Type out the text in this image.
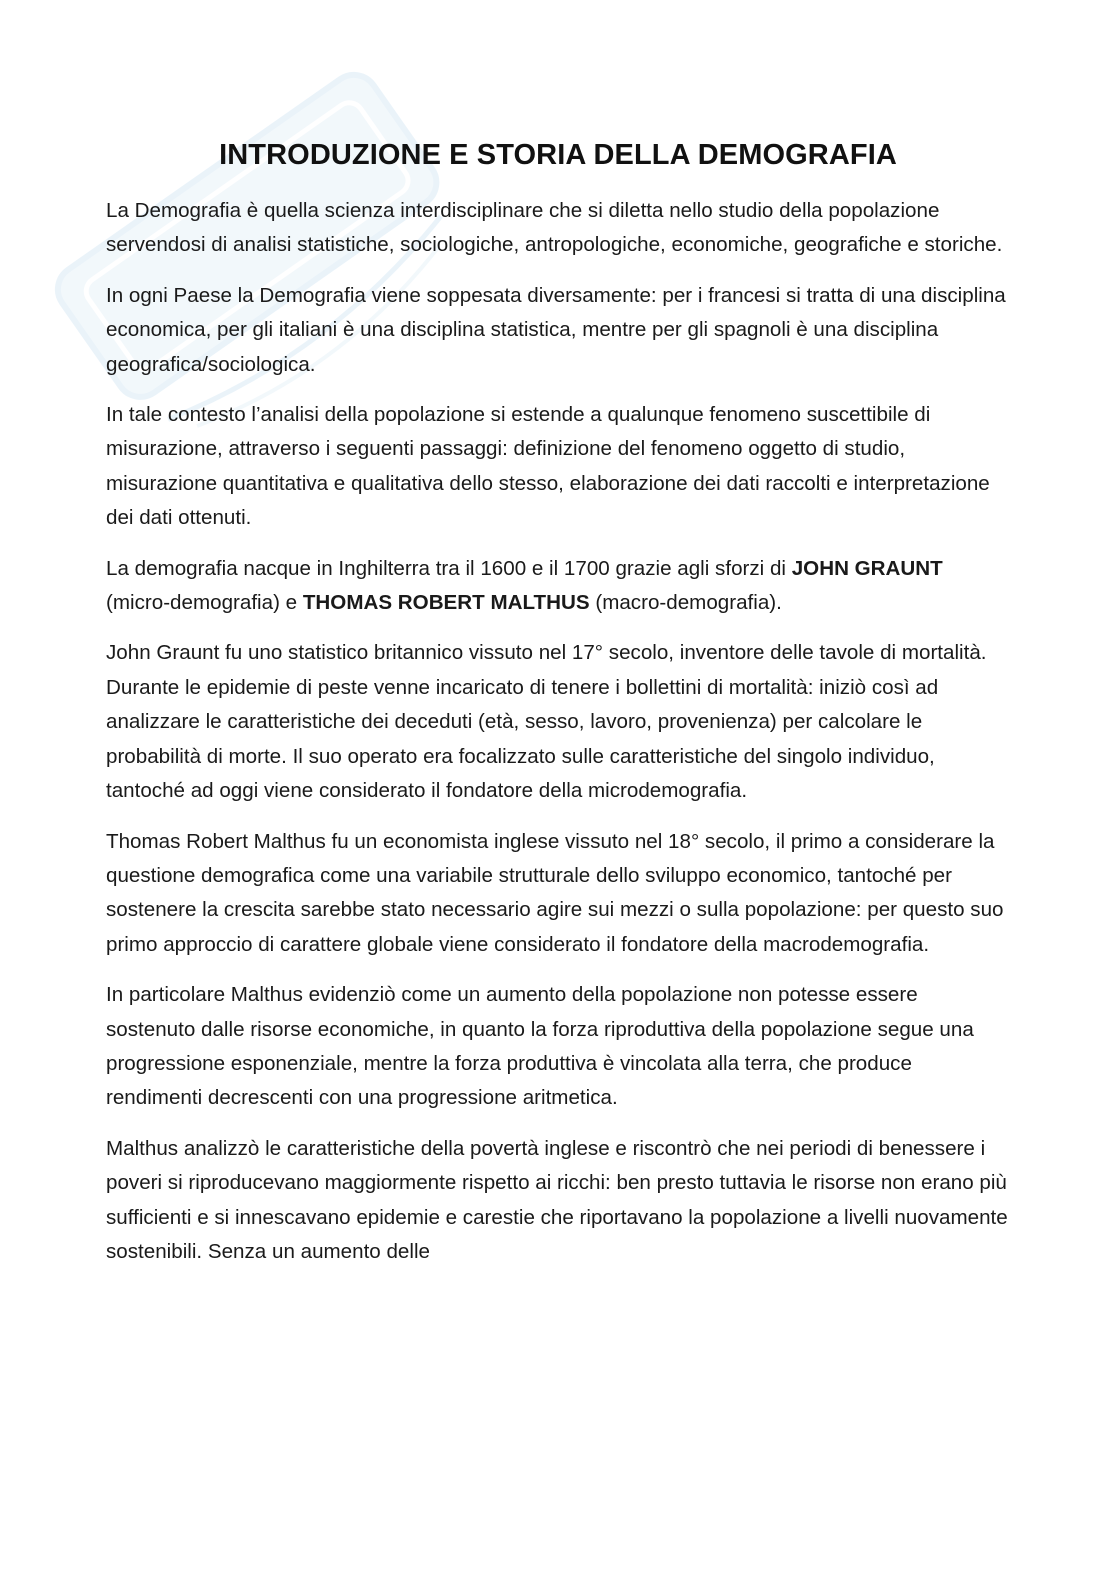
INTRODUZIONE E STORIA DELLA DEMOGRAFIA

La Demografia è quella scienza interdisciplinare che si diletta nello studio della popolazione servendosi di analisi statistiche, sociologiche, antropologiche, economiche, geografiche e storiche.

In ogni Paese la Demografia viene soppesata diversamente: per i francesi si tratta di una disciplina economica, per gli italiani è una disciplina statistica, mentre per gli spagnoli è una disciplina geografica/sociologica.

In tale contesto l’analisi della popolazione si estende a qualunque fenomeno suscettibile di misurazione, attraverso i seguenti passaggi: definizione del fenomeno oggetto di studio, misurazione quantitativa e qualitativa dello stesso, elaborazione dei dati raccolti e interpretazione dei dati ottenuti.

La demografia nacque in Inghilterra tra il 1600 e il 1700 grazie agli sforzi di JOHN GRAUNT (micro-demografia) e THOMAS ROBERT MALTHUS (macro-demografia).

John Graunt fu uno statistico britannico vissuto nel 17° secolo, inventore delle tavole di mortalità. Durante le epidemie di peste venne incaricato di tenere i bollettini di mortalità: iniziò così ad analizzare le caratteristiche dei deceduti (età, sesso, lavoro, provenienza) per calcolare le probabilità di morte. Il suo operato era focalizzato sulle caratteristiche del singolo individuo, tantoché ad oggi viene considerato il fondatore della microdemografia.

Thomas Robert Malthus fu un economista inglese vissuto nel 18° secolo, il primo a considerare la questione demografica come una variabile strutturale dello sviluppo economico, tantoché per sostenere la crescita sarebbe stato necessario agire sui mezzi o sulla popolazione: per questo suo primo approccio di carattere globale viene considerato il fondatore della macrodemografia.

In particolare Malthus evidenziò come un aumento della popolazione non potesse essere sostenuto dalle risorse economiche, in quanto la forza riproduttiva della popolazione segue una progressione esponenziale, mentre la forza produttiva è vincolata alla terra, che produce rendimenti decrescenti con una progressione aritmetica.

Malthus analizzò le caratteristiche della povertà inglese e riscontrò che nei periodi di benessere i poveri si riproducevano maggiormente rispetto ai ricchi: ben presto tuttavia le risorse non erano più sufficienti e si innescavano epidemie e carestie che riportavano la popolazione a livelli nuovamente sostenibili. Senza un aumento delle
